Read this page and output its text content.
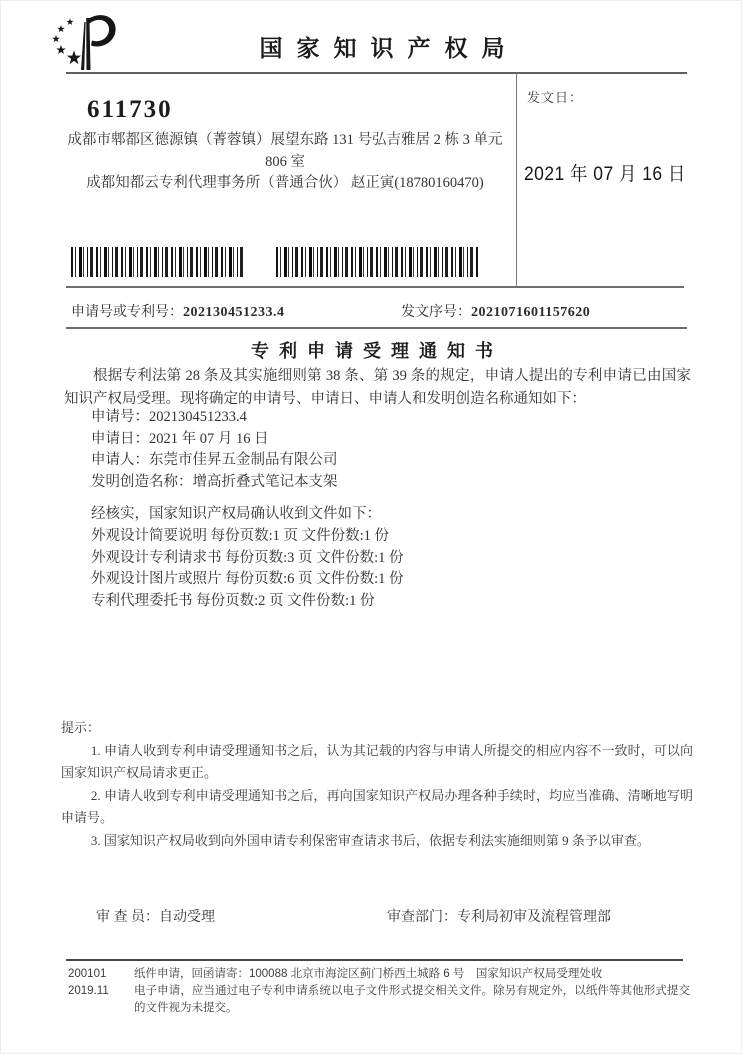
国家知识产权局
发文日：
2021 年 07 月 16 日
611730
成都市郫都区德源镇（菁蓉镇）展望东路 131 号弘吉雅居 2 栋 3 单元
806 室
成都知都云专利代理事务所（普通合伙） 赵正寅(18780160470)
申请号或专利号：202130451233.4	发文序号：2021071601157620
专利申请受理通知书
根据专利法第 28 条及其实施细则第 38 条、第 39 条的规定，申请人提出的专利申请已由国家知识产权局受理。现将确定的申请号、申请日、申请人和发明创造名称通知如下：
申请号：202130451233.4
申请日：2021 年 07 月 16 日
申请人：东莞市佳昇五金制品有限公司
发明创造名称：增高折叠式笔记本支架
经核实，国家知识产权局确认收到文件如下：
外观设计简要说明 每份页数:1 页 文件份数:1 份
外观设计专利请求书 每份页数:3 页 文件份数:1 份
外观设计图片或照片 每份页数:6 页 文件份数:1 份
专利代理委托书 每份页数:2 页 文件份数:1 份

提示：

1. 申请人收到专利申请受理通知书之后，认为其记载的内容与申请人所提交的相应内容不一致时，可以向国家知识产权局请求更正。

2. 申请人收到专利申请受理通知书之后，再向国家知识产权局办理各种手续时，均应当准确、清晰地写明申请号。

3. 国家知识产权局收到向外国申请专利保密审查请求书后，依据专利法实施细则第 9 条予以审查。

审 查 员：自动受理	审查部门：专利局初审及流程管理部
200101	纸件申请，回函请寄：100088 北京市海淀区蓟门桥西土城路 6 号　国家知识产权局受理处收
2019.11	电子申请，应当通过电子专利申请系统以电子文件形式提交相关文件。除另有规定外，以纸件等其他形式提交的文件视为未提交。
